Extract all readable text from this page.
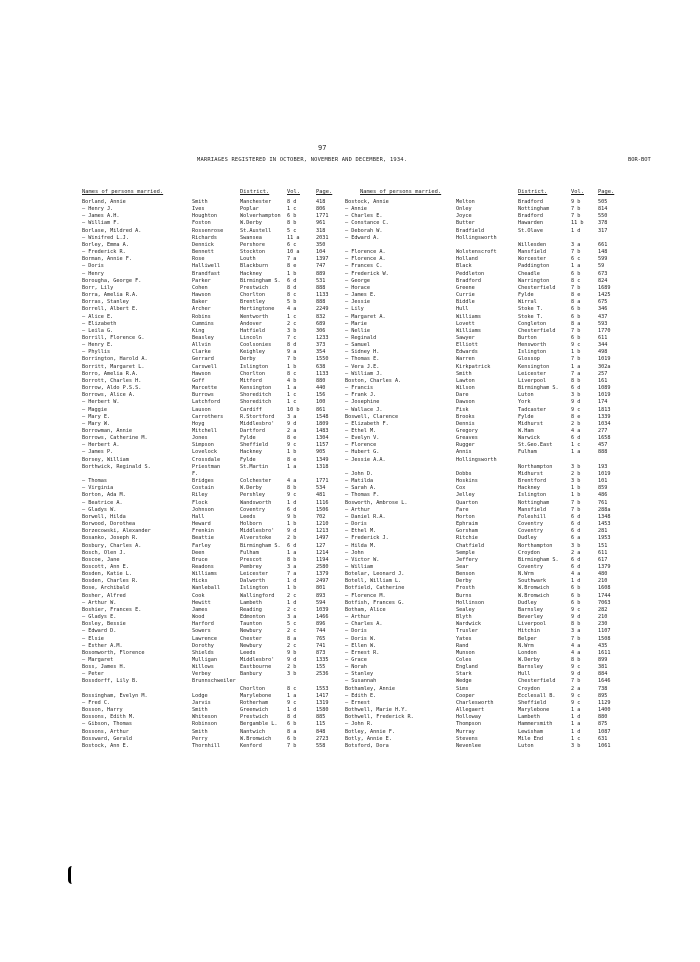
97
MARRIAGES REGISTERED IN OCTOBER, NOVEMBER AND DECEMBER, 1934.	BOR-BOT
Names of persons married.	District.	Vol.	Page.	Names of persons married.	District.	Vol.	Page.
Borland, Annie	Smith	Manchester	8 d	418
— Henry J.	Ives	Poplar	1 c	806
— James A.H.	Houghton	Wolverhampton 6 b	1771
— William F.	Foston	W.Derby	8 b	961
Borlase, Mildred A.	Rossenrose	St.Austell	5 c	318
— Winifred L.J.	Richards	Swansea	11 a	2031
Borley, Emma A.	Dennick	Pershore	6 c	350
— Frederick R.	Bennett	Stockton	10 a	104
Borman, Annie F.	Rose	Louth	7 a	1397
— Doris	Halliwell	Blackburn	8 e	747
— Henry	Brandfast	Hackney	1 b	889
Borougha, George F.	Parker	Birmingham S. 6 d	531
Borr, Lily	Cohen	Prestwich	8 d	888
Borra, Amelia R.A.	Hawson	Chorlton	8 c	1133
Borras, Stanley	Baker	Brentley	5 b	888
Borrell, Albert E.	Archer	Hertingtone 4 a	2249
— Alice E.	Robins	Wentworth	1 c	832
— Elizabeth	Cummins	Andover	2 c	689
— Leila G.	King	Hatfield	3 b	306
Borrill, Florence G.	Beasley	Lincoln	7 c	1233
— Henry E.	Allvin	Coolsonies	8 d	373
— Phyllis	Clarke	Keighley	9 a	354
Borrington, Harold A.	Gerrard	Derby	7 b	1550
Borritt, Margaret L.	Carswell	Islington	1 b	638
Borro, Amelia R.A.	Hawson	Chorlton	8 c	1133
Borrott, Charles H.	Goff	Mitford	4 b	880
Borrow, Aldo P.S.S.	Marcette	Kensington	1 a	440
Borrows, Alice A.	Burrows	Shoreditch	1 c	156
— Herbert W.	Latchford	Shoreditch	1 c	100
— Maggie	Lauson	Cardiff	10 b	861
— Mary E.	Carrothers	R.Stortford 3 a	1548
— Mary W.	Hoyg	Middlesbro' 9 d	1809
Borrowman, Annie	Mitchell	Dartford	2 a	1483
Borrows, Catherine M.	Jones	Fylde	8 e	1304
— Herbert A.	Simpson	Sheffield	9 c	1157
— James P.	Lovelock	Hackney	1 b	905
Borsey, William	Crossdale	Fylde	8 e	1349
Borthwick, Reginald S.	Priestman	St.Martin	1 a	1318
F.
— Thomas	Bridges	Colchester	4 a	1771
— Virginia	Costain	W.Derby	8 b	534
Borton, Ada M.	Riley	Pershley	9 c	481
— Beatrice A.	Flock	Wandsworth	1 d	1116
— Gladys W.	Johnson	Coventry	6 d	1506
Borwell, Hilda	Hall	Leeds	9 b	702
Borwood, Dorothea	Heward	Holborn	1 b	1210
Borzecowski, Alexander	Frenkin	Middlesbro' 9 d	1213
Bosanko, Joseph R.	Beattie	Alverstoke	2 b	1497
Bosbury, Charles A.	Farley	Birmingham S. 6 d	127
Bosch, Olen J.	Deen	Fulham	1 a	1214
Boscoe, Jane	Bruce	Prescot	8 b	1194
Boscott, Ann E.	Readons	Pembrey	3 a	2580
Bosden, Katie L.	Williams	Leicester	7 a	1379
Bosden, Charles R.	Hicks	Dalworth	1 d	2497
Bose, Archibald	Wanleball	Islington	1 b	801
Bosher, Alfred	Cook	Wallingford 2 c	893
— Arthur W.	Hewitt	Lambeth	1 d	594
Boshier, Frances E.	James	Reading	2 c	1039
— Gladys E.	Wood	Edmonton	3 a	1466
Bosley, Bessie	Harford	Taunton	5 c	896
— Edward D.	Sowers	Newbury	2 c	744
— Elsie	Lawrence	Chester	8 a	765
— Esther A.M.	Dorothy	Newbury	2 c	741
Bosomworth, Florence	Shields	Leeds	9 b	873
— Margaret	Mulligan	Middlesbro' 9 d	1335
Boss, James H.	Willows	Eastbourne	2 b	155
— Peter	Verbey	Banbury	3 b	2536
Bossdorff, Lily B.	Brunnschweiler
Chorlton	8 c	1553
Bossingham, Evelyn M.	Lodge	Marylebone	1 a	1417
— Fred C.	Jarvis	Rotherham	9 c	1319
Bosson, Harry	Smith	Greenwich	1 d	1580
Bossons, Edith M.	Whiteson	Prestwich	8 d	885
— Gibson, Thomas	Robinson	Bergamble L. 6 b	115
Bossons, Arthur	Smith	Nantwich	8 a	848
Bossward, Gerald	Perry	W.Bromwich	6 b	2723
Bostock, Ann E.	Thornhill	Kenford	7 b	558
Bostock, Annie	Melton	Bradford	9 b	505
— Annie	Onley	Nottingham	7 b	814
— Charles E.	Joyce	Bradford	7 b	550
— Constance C.	Butter	Hawarden	11 b	378
— Deborah W.	Bradfield	St.Olave	1 d	317
— Edward A.	Hollingsworth
Willesden	3 a	661
— Florence A.	Wolstenscroft	Mansfield	7 b	148
— Florence A.	Holland	Worcester	6 c	599
— Frances C.	Black	Paddington	1 a	59
— Frederick W.	Peddleton	Cheadle	6 b	673
— George	Bradford	Warrington	8 c	824
— Horace	Greene	Chesterfield	7 b	1689
— James E.	Currie	Fylde	8 e	1425
— Jessie	Biddle	Wirral	8 a	675
— Lily	Hull	Stoke T.	6 b	346
— Margaret A.	Williams	Stoke T.	6 b	437
— Marie	Lovett	Congleton	8 a	593
— Nellie	Williams	Chesterfield	7 b	1770
— Reginald	Sawyer	Burton	6 b	611
— Samuel	Elliott	Hensworth	9 c	344
— Sidney H.	Edwards	Islington	1 b	498
— Thomas E.	Warren	Glossop	7 b	1019
— Vera J.E.	Kirkpatrick	Kensington	1 a	302a
— William J.	Smith	Leicester	7 a	257
Boston, Charles A.	Lawton	Liverpool	8 b	161
— Francis	Wilson	Birmingham S. 6 d	1089
— Frank J.	Dare	Luton	3 b	1019
— Josephine	Dawson	York	9 d	174
— Wallace J.	Fisk	Tadcaster	9 c	1813
Boswell, Clarence	Brooks	Fylde	8 e	1339
— Elizabeth F.	Dennis	Midhurst	2 b	1034
— Ethel M.	Gregory	W.Ham	4 a	277
— Evelyn V.	Greaves	Warwick	6 d	1658
— Florence	Rugger	St.Geo.East	1 c	457
— Hubert G.	Annis	Fulham	1 a	888
— Jessie A.A.	Hollingsworth
Northampton	3 b	193
— John D.	Dobbs	Midhurst	2 b	1019
— Matilda	Hoskins	Brentford	3 b	101
— Sarah A.	Cox	Hackney	1 b	859
— Thomas F.	Jelley	Islington	1 b	486
Bosworth, Ambrose L.	Quarton	Nottingham	7 b	761
— Arthur	Fare	Mansfield	7 b	288a
— Daniel R.A.	Horton	Foleshill	6 d	1348
— Doris	Ephraim	Coventry	6 d	1453
— Ethel M.	Gorsham	Coventry	6 d	281
— Frederick J.	Ritchie	Dudley	6 a	1953
— Hilda M.	Chatfield	Northampton	3 b	151
— John	Semple	Croydon	2 a	611
— Victor W.	Jeffery	Birmingham S. 6 d	617
— William	Sear	Coventry	6 d	1379
Botelar, Leonard J.	Benson	N.Wrm	4 a	480
Botell, William L.	Derby	Southwark	1 d	210
Botfield, Catherine	Frosth	W.Bromwich	6 b	1608
— Florence M.	Burns	W.Bromwich	6 b	1744
Botfish, Frances G.	Hollinson	Dudley	6 b	7063
Botham, Alice	Sealey	Barnsley	9 c	282
— Arthur	Blyth	Beverley	9 d	210
— Charles A.	Wardwick	Liverpool	8 b	230
— Doris	Trusler	Hitchin	3 a	1107
— Doris W.	Yates	Belper	7 b	1508
— Ellen W.	Rand	N.Wrm	4 a	435
— Ernest R.	Munson	London	4 a	1611
— Grace	Coles	W.Derby	8 b	899
— Norah	England	Barnsley	9 c	381
— Stanley	Stark	Hull	9 d	884
— Susannah	Wedge	Chesterfield	7 b	1646
Bothamley, Annie	Sims	Croydon	2 a	738
— Edith E.	Cooper	Ecclesall B.	9 c	895
— Ernest	Charlesworth	Sheffield	9 c	1129
Bothwell, Marie H.Y.	Allegaert	Marylebone	1 a	1400
Bothwell, Frederick R.	Holloway	Lambeth	1 d	880
— John R.	Thompson	Hammersmith	1 a	875
Botley, Annie F.	Murray	Lewisham	1 d	1087
Botly, Annie E.	Stevens	Mile End	1 c	631
Botsford, Dora	Nevenlee	Luton	3 b	1061
